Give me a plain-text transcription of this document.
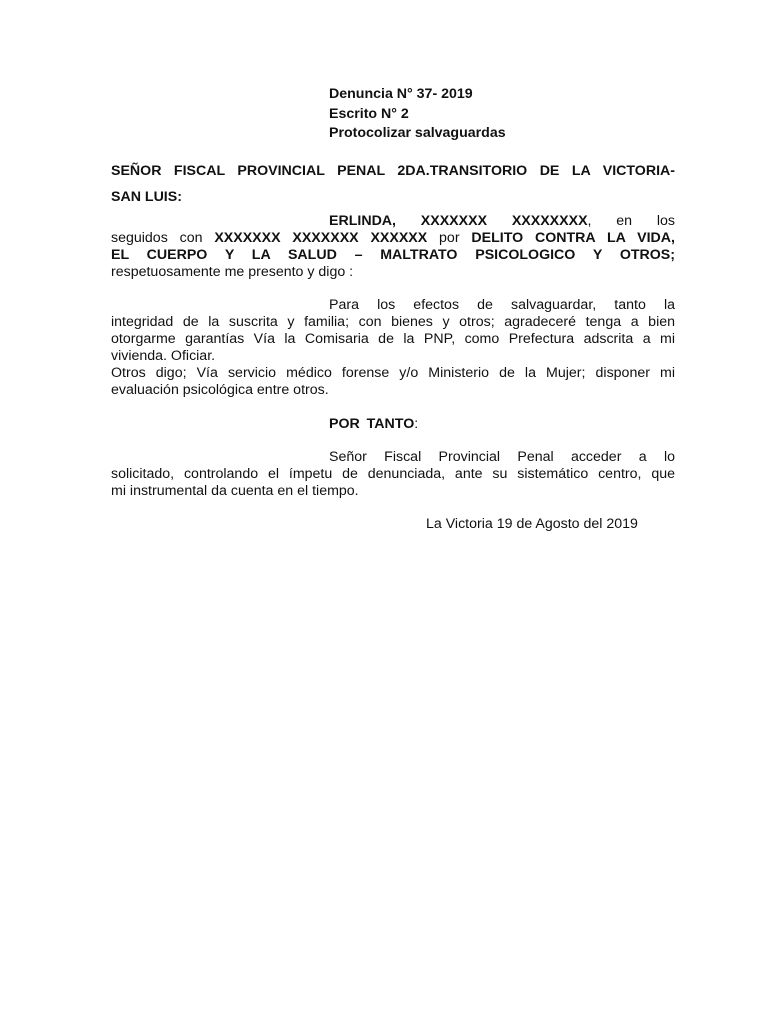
Denuncia N° 37- 2019
Escrito N° 2
Protocolizar salvaguardas
SEÑOR FISCAL PROVINCIAL PENAL 2DA.TRANSITORIO DE LA VICTORIA-
SAN LUIS:
ERLINDA, XXXXXXX XXXXXXXX, en los
seguidos con XXXXXXX XXXXXXX XXXXXX por DELITO CONTRA LA VIDA,
EL CUERPO Y LA SALUD – MALTRATO PSICOLOGICO Y OTROS;
respetuosamente me presento y digo :
Para los efectos de salvaguardar, tanto la
integridad de la suscrita y familia; con bienes y otros; agradeceré tenga a bien
otorgarme garantías Vía la Comisaria de la PNP, como Prefectura adscrita a mi
vivienda. Oficiar.
Otros digo; Vía servicio médico forense y/o Ministerio de la Mujer; disponer mi
evaluación psicológica entre otros.
POR TANTO:
Señor Fiscal Provincial Penal acceder a lo
solicitado, controlando el ímpetu de denunciada, ante su sistemático centro, que
mi instrumental da cuenta en el tiempo.
La Victoria 19 de Agosto del 2019
